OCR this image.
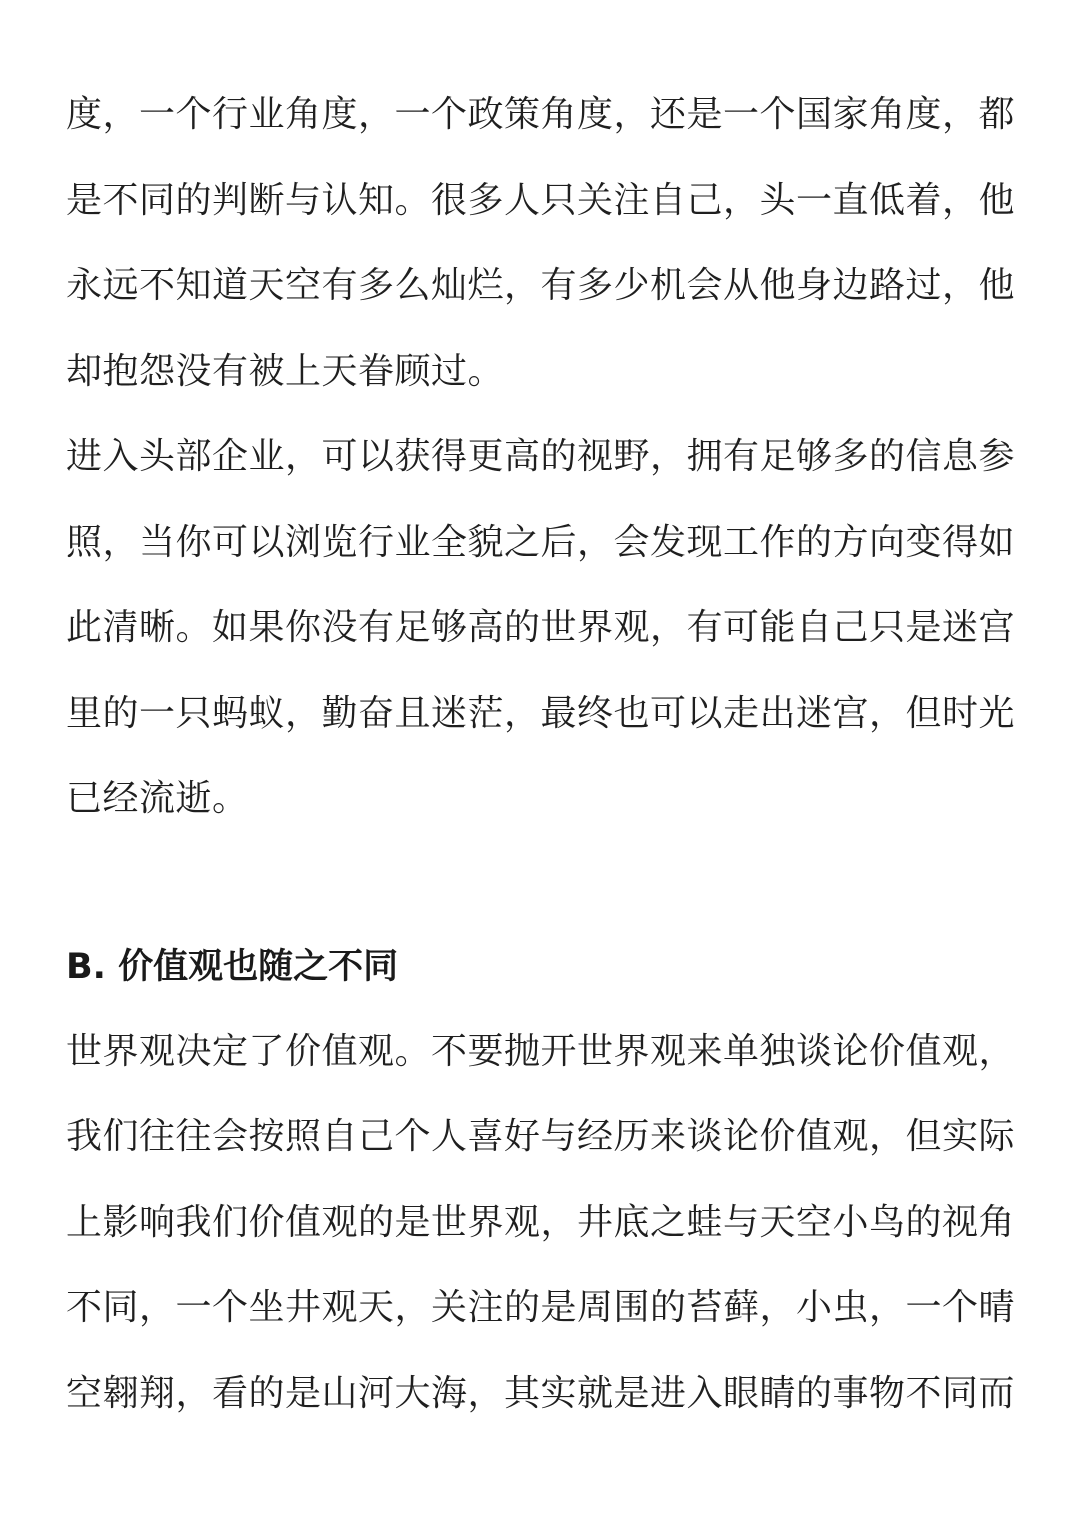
度，一个行业角度，一个政策角度，还是一个国家角度，都
是不同的判断与认知。很多人只关注自己，头一直低着，他
永远不知道天空有多么灿烂，有多少机会从他身边路过，他
却抱怨没有被上天眷顾过。
进入头部企业，可以获得更高的视野，拥有足够多的信息参
照，当你可以浏览行业全貌之后，会发现工作的方向变得如
此清晰。如果你没有足够高的世界观，有可能自己只是迷宫
里的一只蚂蚁，勤奋且迷茫，最终也可以走出迷宫，但时光
已经流逝。
B. 价值观也随之不同
世界观决定了价值观。不要抛开世界观来单独谈论价值观，
我们往往会按照自己个人喜好与经历来谈论价值观，但实际
上影响我们价值观的是世界观，井底之蛙与天空小鸟的视角
不同，一个坐井观天，关注的是周围的苔藓，小虫，一个晴
空翱翔，看的是山河大海，其实就是进入眼睛的事物不同而
